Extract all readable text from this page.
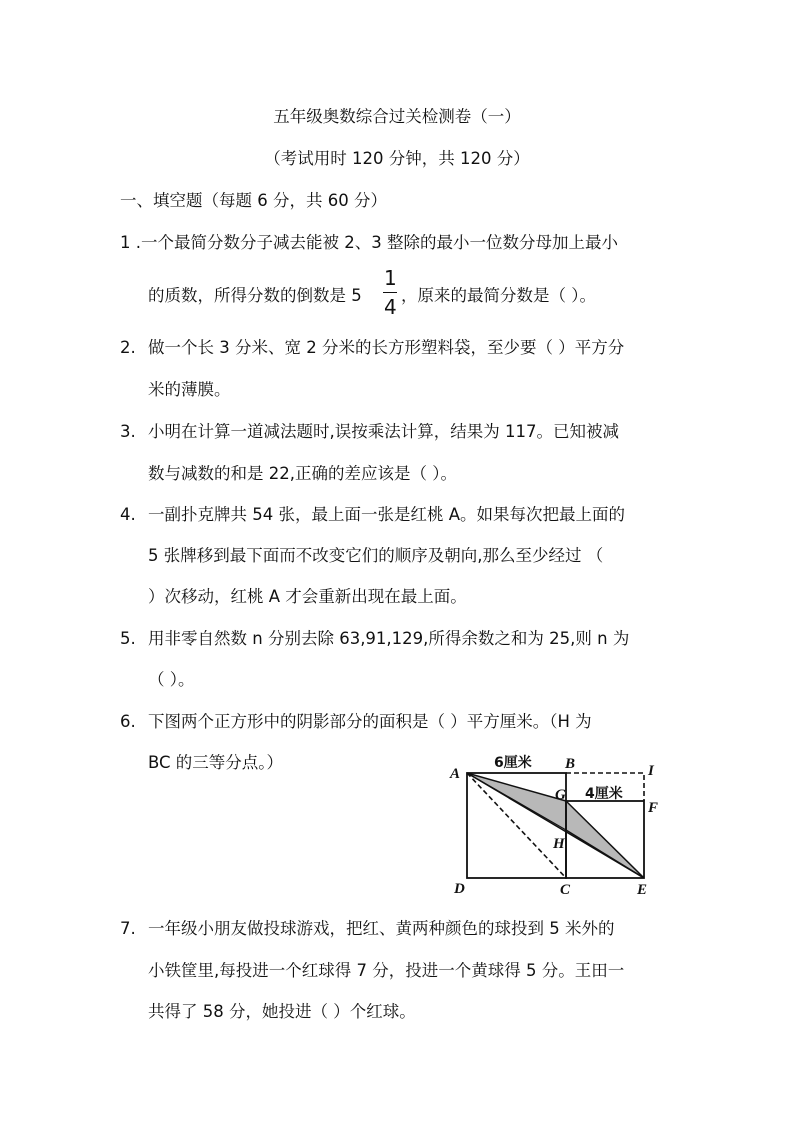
五年级奥数综合过关检测卷（一）
（考试用时 120 分钟，共 120 分）
一、填空题（每题 6 分，共 60 分）
1 .一个最简分数分子减去能被 2、3 整除的最小一位数分母加上最小
的质数，所得分数的倒数是 5
1
4 ，原来的最简分数是（ ）。
2. 做一个长 3 分米、宽 2 分米的长方形塑料袋，至少要（ ）平方分
米的薄膜。
3. 小明在计算一道减法题时,误按乘法计算，结果为 117。已知被减
数与减数的和是 22,正确的差应该是（ ）。
4. 一副扑克牌共 54 张，最上面一张是红桃 A。如果每次把最上面的
5 张牌移到最下面而不改变它们的顺序及朝向,那么至少经过 （
）次移动，红桃 A 才会重新出现在最上面。
5. 用非零自然数 n 分别去除 63,91,129,所得余数之和为 25,则 n 为
（ ）。
6. 下图两个正方形中的阴影部分的面积是（ ）平方厘米。（H 为
BC 的三等分点。）
A
B	I
G
F
H
D	C	E
6厘米
4厘米
7. 一年级小朋友做投球游戏，把红、黄两种颜色的球投到 5 米外的
小铁筐里,每投进一个红球得 7 分，投进一个黄球得 5 分。王田一
共得了 58 分，她投进（ ）个红球。
